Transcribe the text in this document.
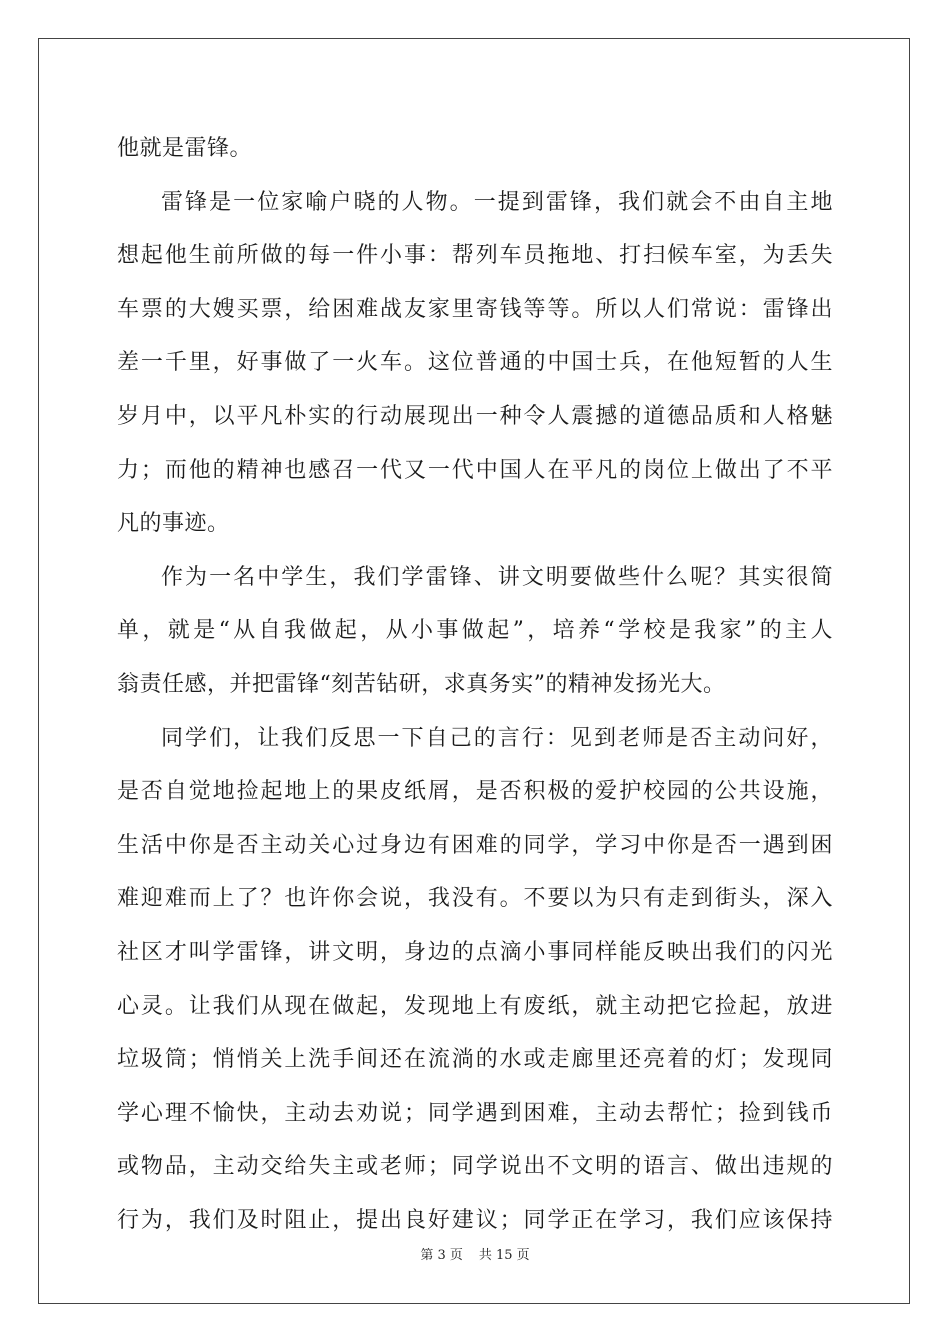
他就是雷锋。
雷锋是一位家喻户晓的人物。一提到雷锋，我们就会不由自主地
想起他生前所做的每一件小事：帮列车员拖地、打扫候车室，为丢失
车票的大嫂买票，给困难战友家里寄钱等等。所以人们常说：雷锋出
差一千里，好事做了一火车。这位普通的中国士兵，在他短暂的人生
岁月中，以平凡朴实的行动展现出一种令人震撼的道德品质和人格魅
力；而他的精神也感召一代又一代中国人在平凡的岗位上做出了不平
凡的事迹。
作为一名中学生，我们学雷锋、讲文明要做些什么呢？其实很简
单，就是“从自我做起，从小事做起”，培养“学校是我家”的主人
翁责任感，并把雷锋“刻苦钻研，求真务实”的精神发扬光大。
同学们，让我们反思一下自己的言行：见到老师是否主动问好，
是否自觉地捡起地上的果皮纸屑，是否积极的爱护校园的公共设施，
生活中你是否主动关心过身边有困难的同学，学习中你是否一遇到困
难迎难而上了？也许你会说，我没有。不要以为只有走到街头，深入
社区才叫学雷锋，讲文明，身边的点滴小事同样能反映出我们的闪光
心灵。让我们从现在做起，发现地上有废纸，就主动把它捡起，放进
垃圾筒；悄悄关上洗手间还在流淌的水或走廊里还亮着的灯；发现同
学心理不愉快，主动去劝说；同学遇到困难，主动去帮忙；捡到钱币
或物品，主动交给失主或老师；同学说出不文明的语言、做出违规的
行为，我们及时阻止，提出良好建议；同学正在学习，我们应该保持
第 3 页 共 15 页
